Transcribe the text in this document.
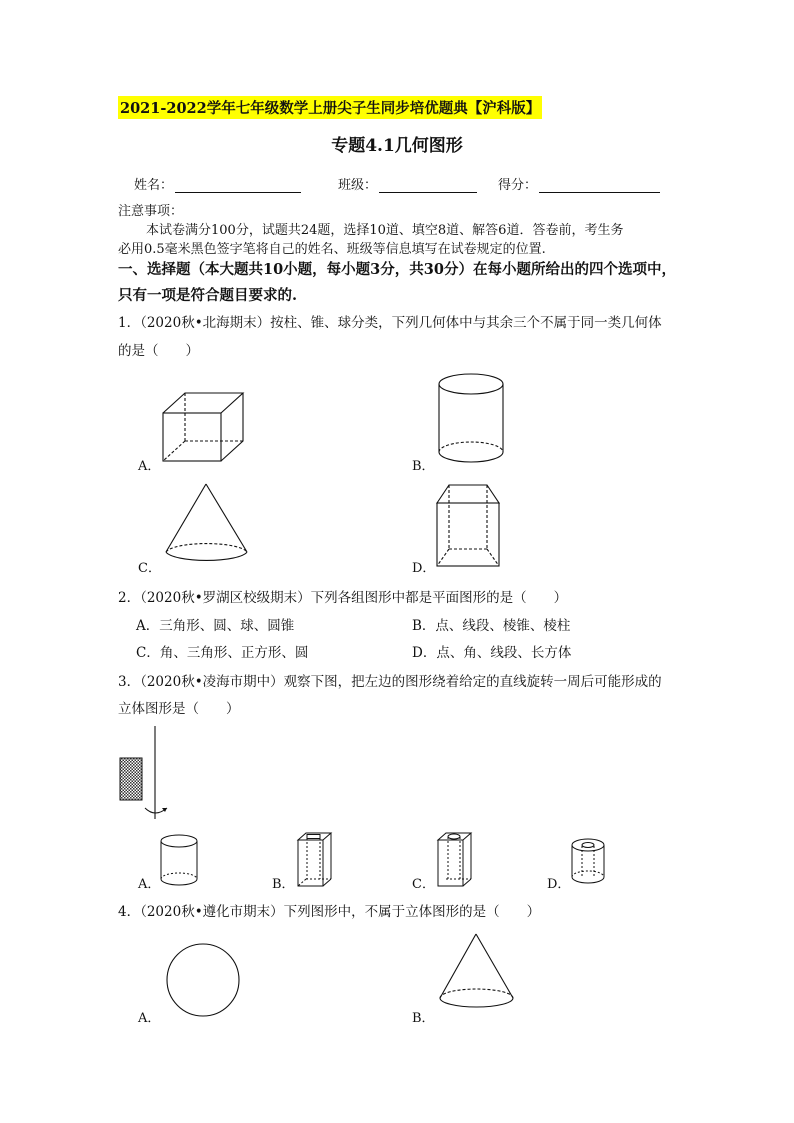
2021-2022学年七年级数学上册尖子生同步培优题典【沪科版】
专题4.1几何图形
姓名：	班级：	得分：
注意事项：
本试卷满分100分，试题共24题，选择10道、填空8道、解答6道．答卷前，考生务
必用0.5毫米黑色签字笔将自己的姓名、班级等信息填写在试卷规定的位置.
一、选择题（本大题共10小题，每小题3分，共30分）在每小题所给出的四个选项中，
只有一项是符合题目要求的.
1．（2020秋•北海期末）按柱、锥、球分类，下列几何体中与其余三个不属于同一类几何体
的是（　　）
A．	B．
C．	D．
2．（2020秋•罗湖区校级期末）下列各组图形中都是平面图形的是（　　）
A．三角形、圆、球、圆锥	B．点、线段、棱锥、棱柱
C．角、三角形、正方形、圆	D．点、角、线段、长方体
3．（2020秋•凌海市期中）观察下图，把左边的图形绕着给定的直线旋转一周后可能形成的
立体图形是（　　）
A．	B．	C．	D．
4．（2020秋•遵化市期末）下列图形中，不属于立体图形的是（　　）
A．	B．
